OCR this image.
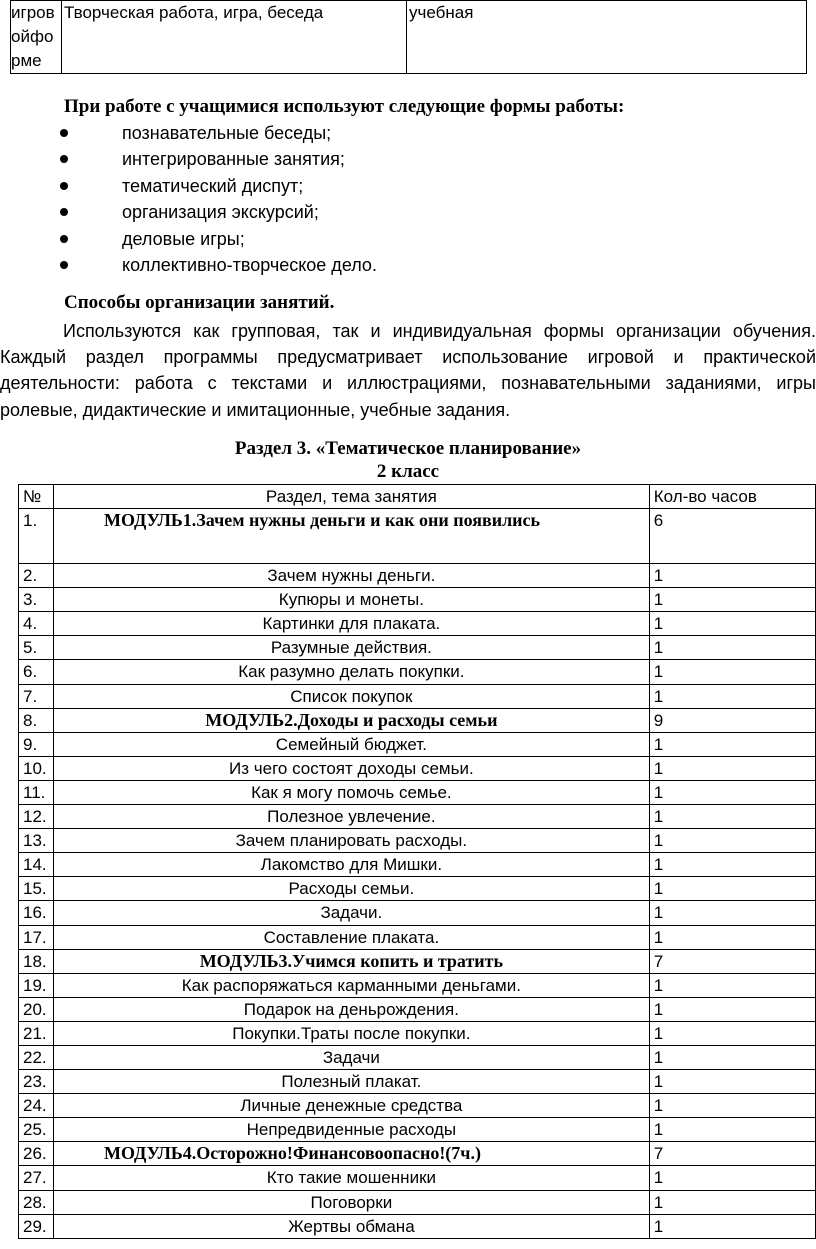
игров
ойфо
рме
	Творческая работа, игра, беседа	учебная
При работе с учащимися используют следующие формы работы:
познавательные беседы;
интегрированные занятия;
тематический диспут;
организация экскурсий;
деловые игры;
коллективно-творческое дело.
Способы организации занятий.

Используются как групповая, так и индивидуальная формы организации обучения. Каждый раздел программы предусматривает использование игровой и практической деятельности: работа с текстами и иллюстрациями, познавательными заданиями, игры ролевые, дидактические и имитационные, учебные задания.

Раздел 3. «Тематическое планирование»
2 класс
№	Раздел, тема занятия	Кол-во часов
1.	МОДУЛЬ1.Зачем нужны деньги и как они появились	6
2.	Зачем нужны деньги.	1
3.	Купюры и монеты.	1
4.	Картинки для плаката.	1
5.	Разумные действия.	1
6.	Как разумно делать покупки.	1
7.	Список покупок	1
8.	МОДУЛЬ2.Доходы и расходы семьи	9
9.	Семейный бюджет.	1
10.	Из чего состоят доходы семьи.	1
11.	Как я могу помочь семье.	1
12.	Полезное увлечение.	1
13.	Зачем планировать расходы.	1
14.	Лакомство для Мишки.	1
15.	Расходы семьи.	1
16.	Задачи.	1
17.	Составление плаката.	1
18.	МОДУЛЬ3.Учимся копить и тратить	7
19.	Как распоряжаться карманными деньгами.	1
20.	Подарок на деньрождения.	1
21.	Покупки.Траты после покупки.	1
22.	Задачи	1
23.	Полезный плакат.	1
24.	Личные денежные средства	1
25.	Непредвиденные расходы	1
26.	МОДУЛЬ4.Осторожно!Финансовоопасно!(7ч.)	7
27.	Кто такие мошенники	1
28.	Поговорки	1
29.	Жертвы обмана	1
